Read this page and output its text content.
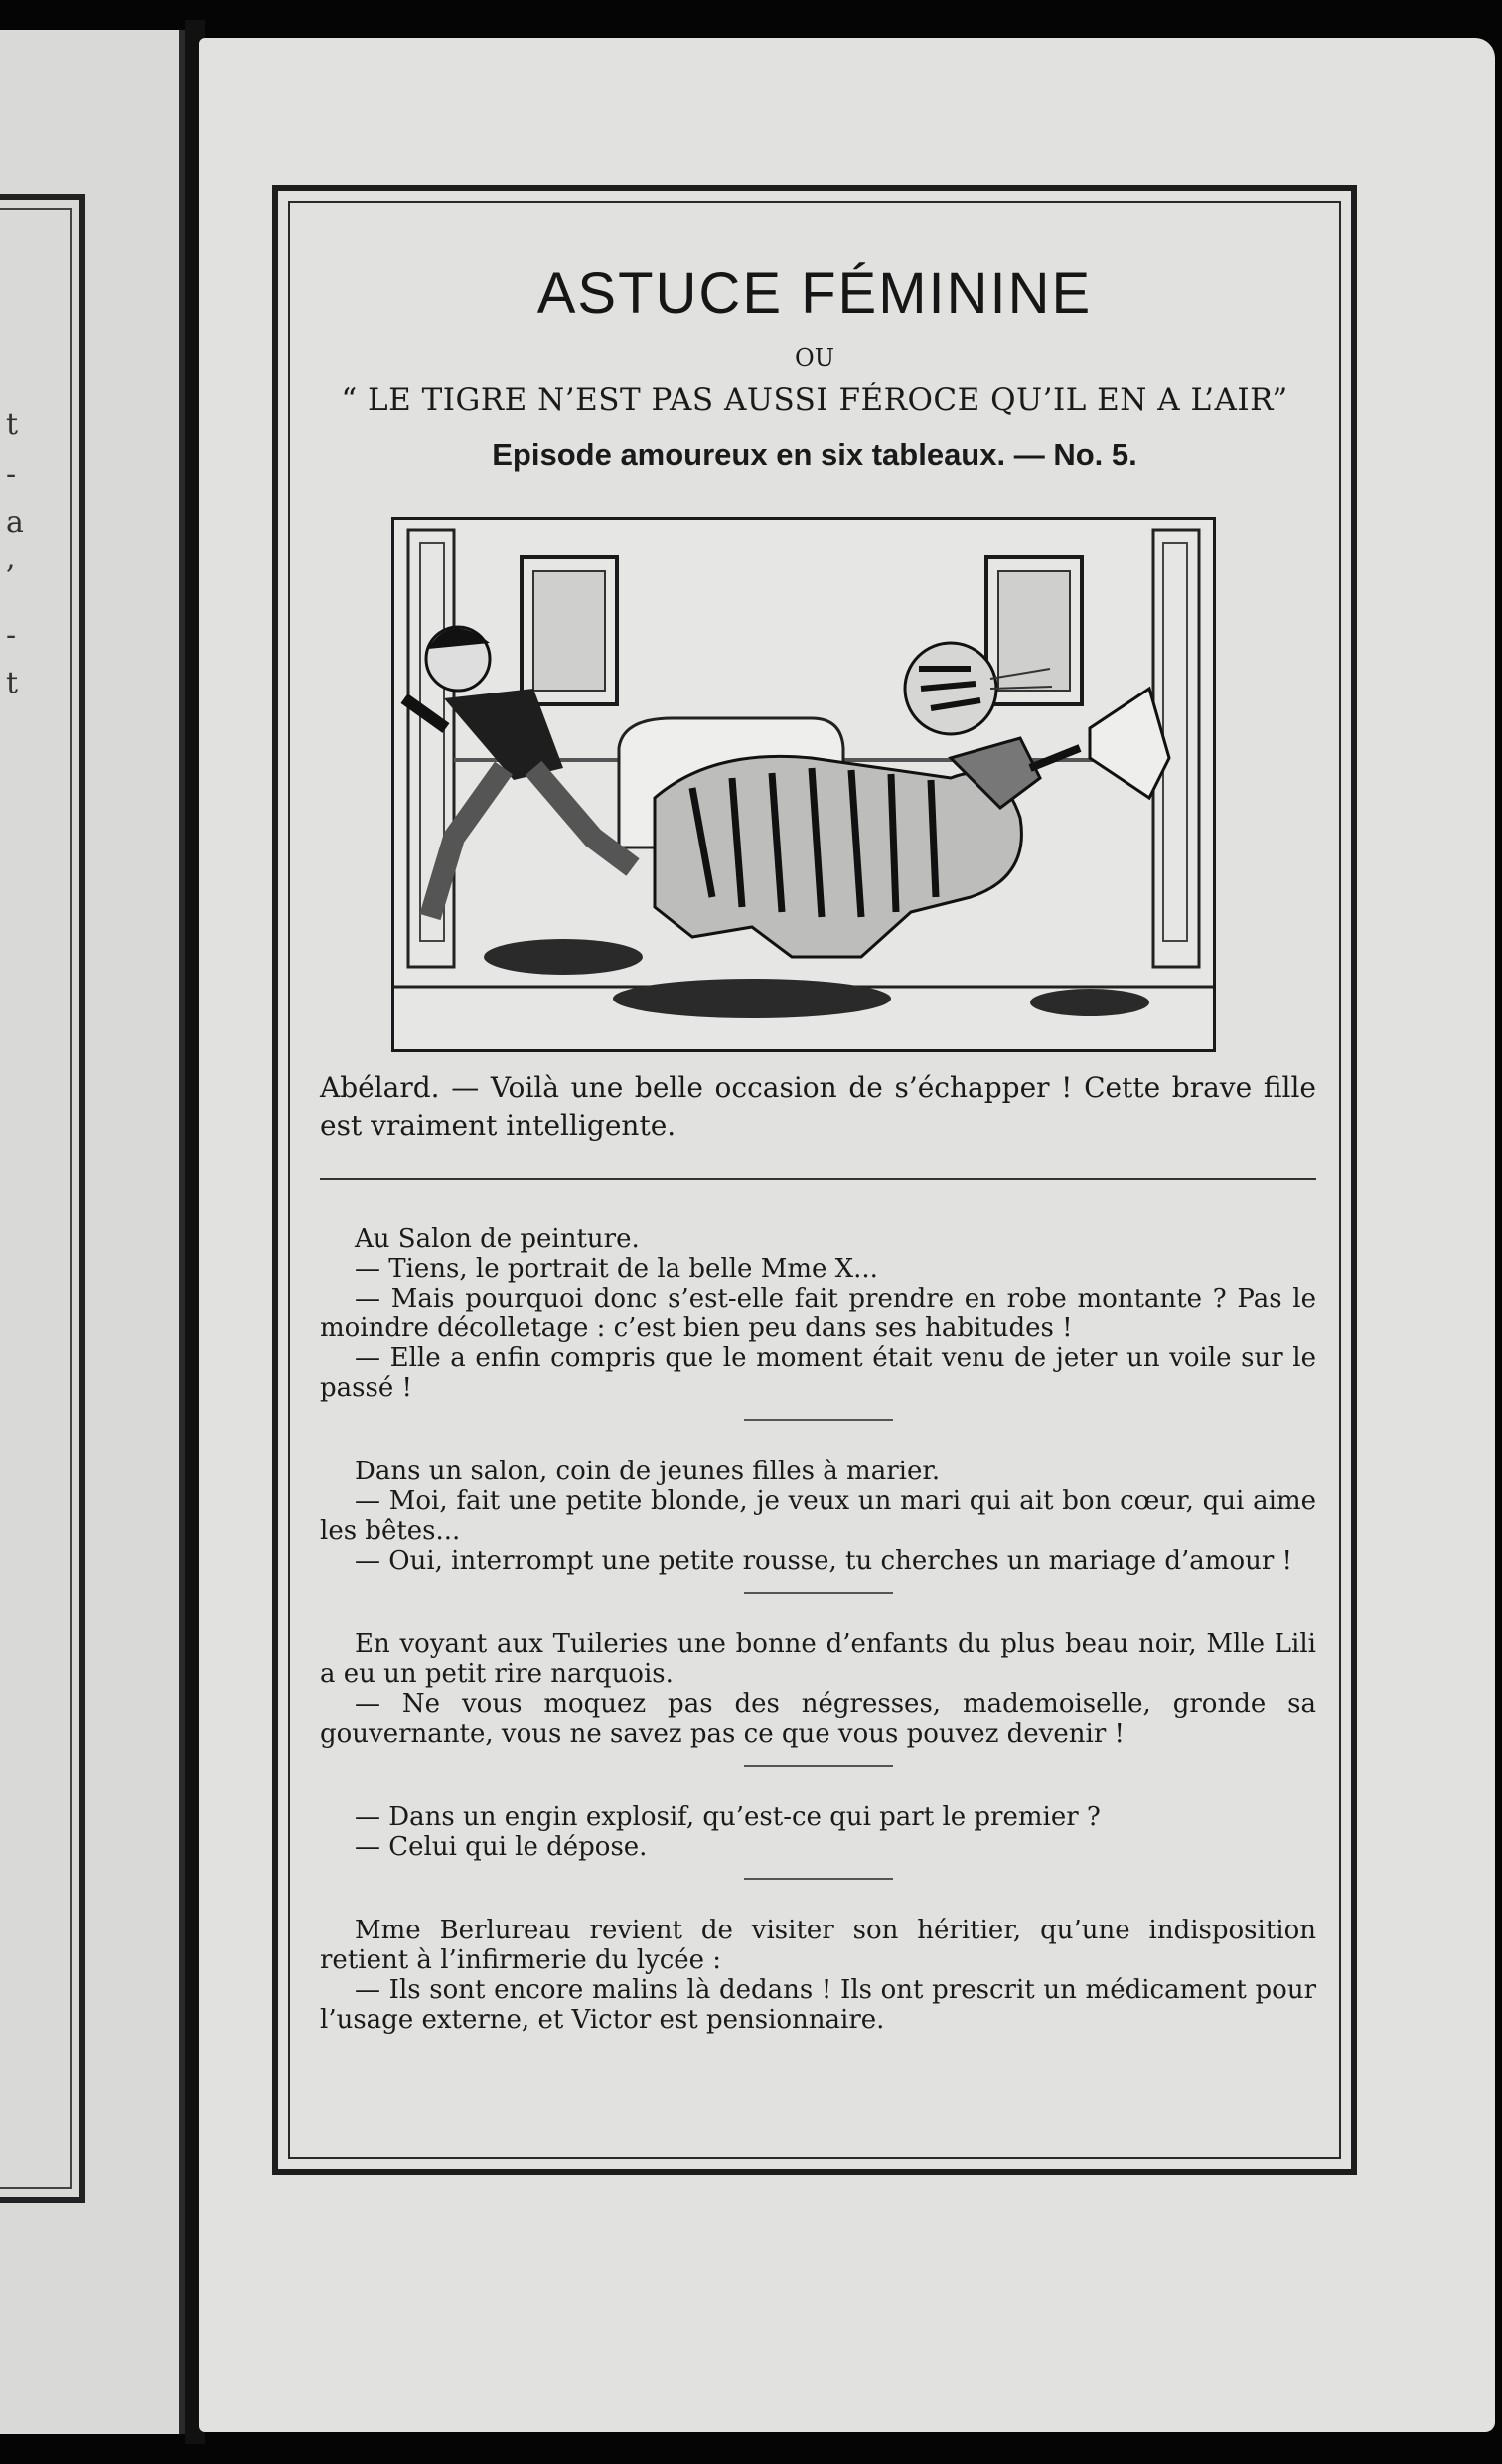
t
-
a
,
-
t
ASTUCE FÉMININE
OU
“ LE TIGRE N’EST PAS AUSSI FÉROCE QU’IL EN A L’AIR”
Episode amoureux en six tableaux. — No. 5.
Abélard. — Voilà une belle occasion de s’échapper ! Cette brave fille est vraiment intelligente.
Au Salon de peinture.
— Tiens, le portrait de la belle Mme X...
— Mais pourquoi donc s’est-elle fait prendre en robe montante ? Pas le moindre décolletage : c’est bien peu dans ses habitudes !
— Elle a enfin compris que le moment était venu de jeter un voile sur le passé !
Dans un salon, coin de jeunes filles à marier.
— Moi, fait une petite blonde, je veux un mari qui ait bon cœur, qui aime les bêtes...
— Oui, interrompt une petite rousse, tu cherches un mariage d’amour !
En voyant aux Tuileries une bonne d’enfants du plus beau noir, Mlle Lili a eu un petit rire narquois.
— Ne vous moquez pas des négresses, mademoiselle, gronde sa gouvernante, vous ne savez pas ce que vous pouvez devenir !
— Dans un engin explosif, qu’est-ce qui part le premier ?
— Celui qui le dépose.
Mme Berlureau revient de visiter son héritier, qu’une indisposition retient à l’infirmerie du lycée :
— Ils sont encore malins là dedans ! Ils ont prescrit un médicament pour l’usage externe, et Victor est pensionnaire.
